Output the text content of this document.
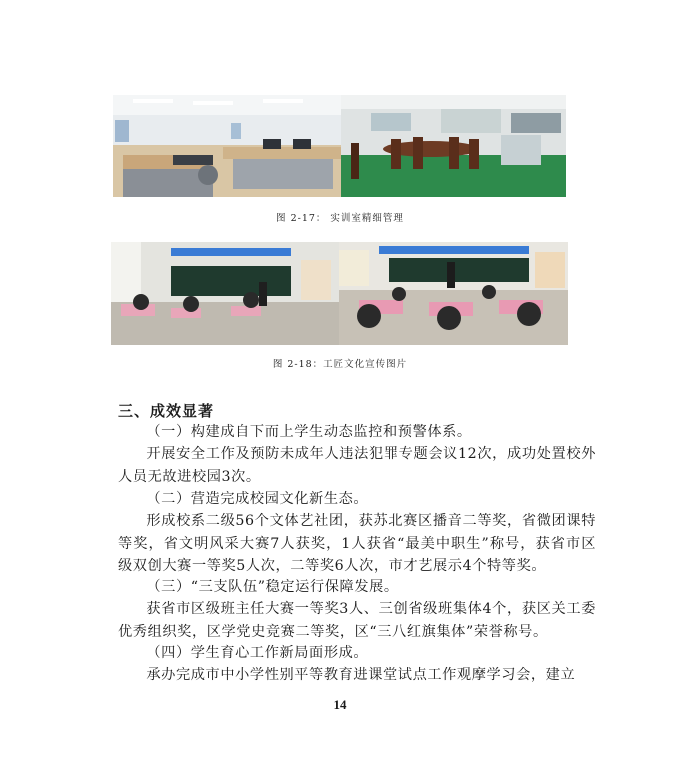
图 2-17： 实训室精细管理
图 2-18：工匠文化宣传图片
三、成效显著
（一）构建成自下而上学生动态监控和预警体系。
开展安全工作及预防未成年人违法犯罪专题会议12次，成功处置校外人员无故进校园3次。
（二）营造完成校园文化新生态。
形成校系二级56个文体艺社团，获苏北赛区播音二等奖，省微团课特等奖，省文明风采大赛7人获奖，1人获省“最美中职生”称号，获省市区级双创大赛一等奖5人次，二等奖6人次，市才艺展示4个特等奖。
（三）“三支队伍”稳定运行保障发展。
获省市区级班主任大赛一等奖3人、三创省级班集体4个，获区关工委优秀组织奖，区学党史竞赛二等奖，区“三八红旗集体”荣誉称号。
（四）学生育心工作新局面形成。
承办完成市中小学性别平等教育进课堂试点工作观摩学习会，建立
14
